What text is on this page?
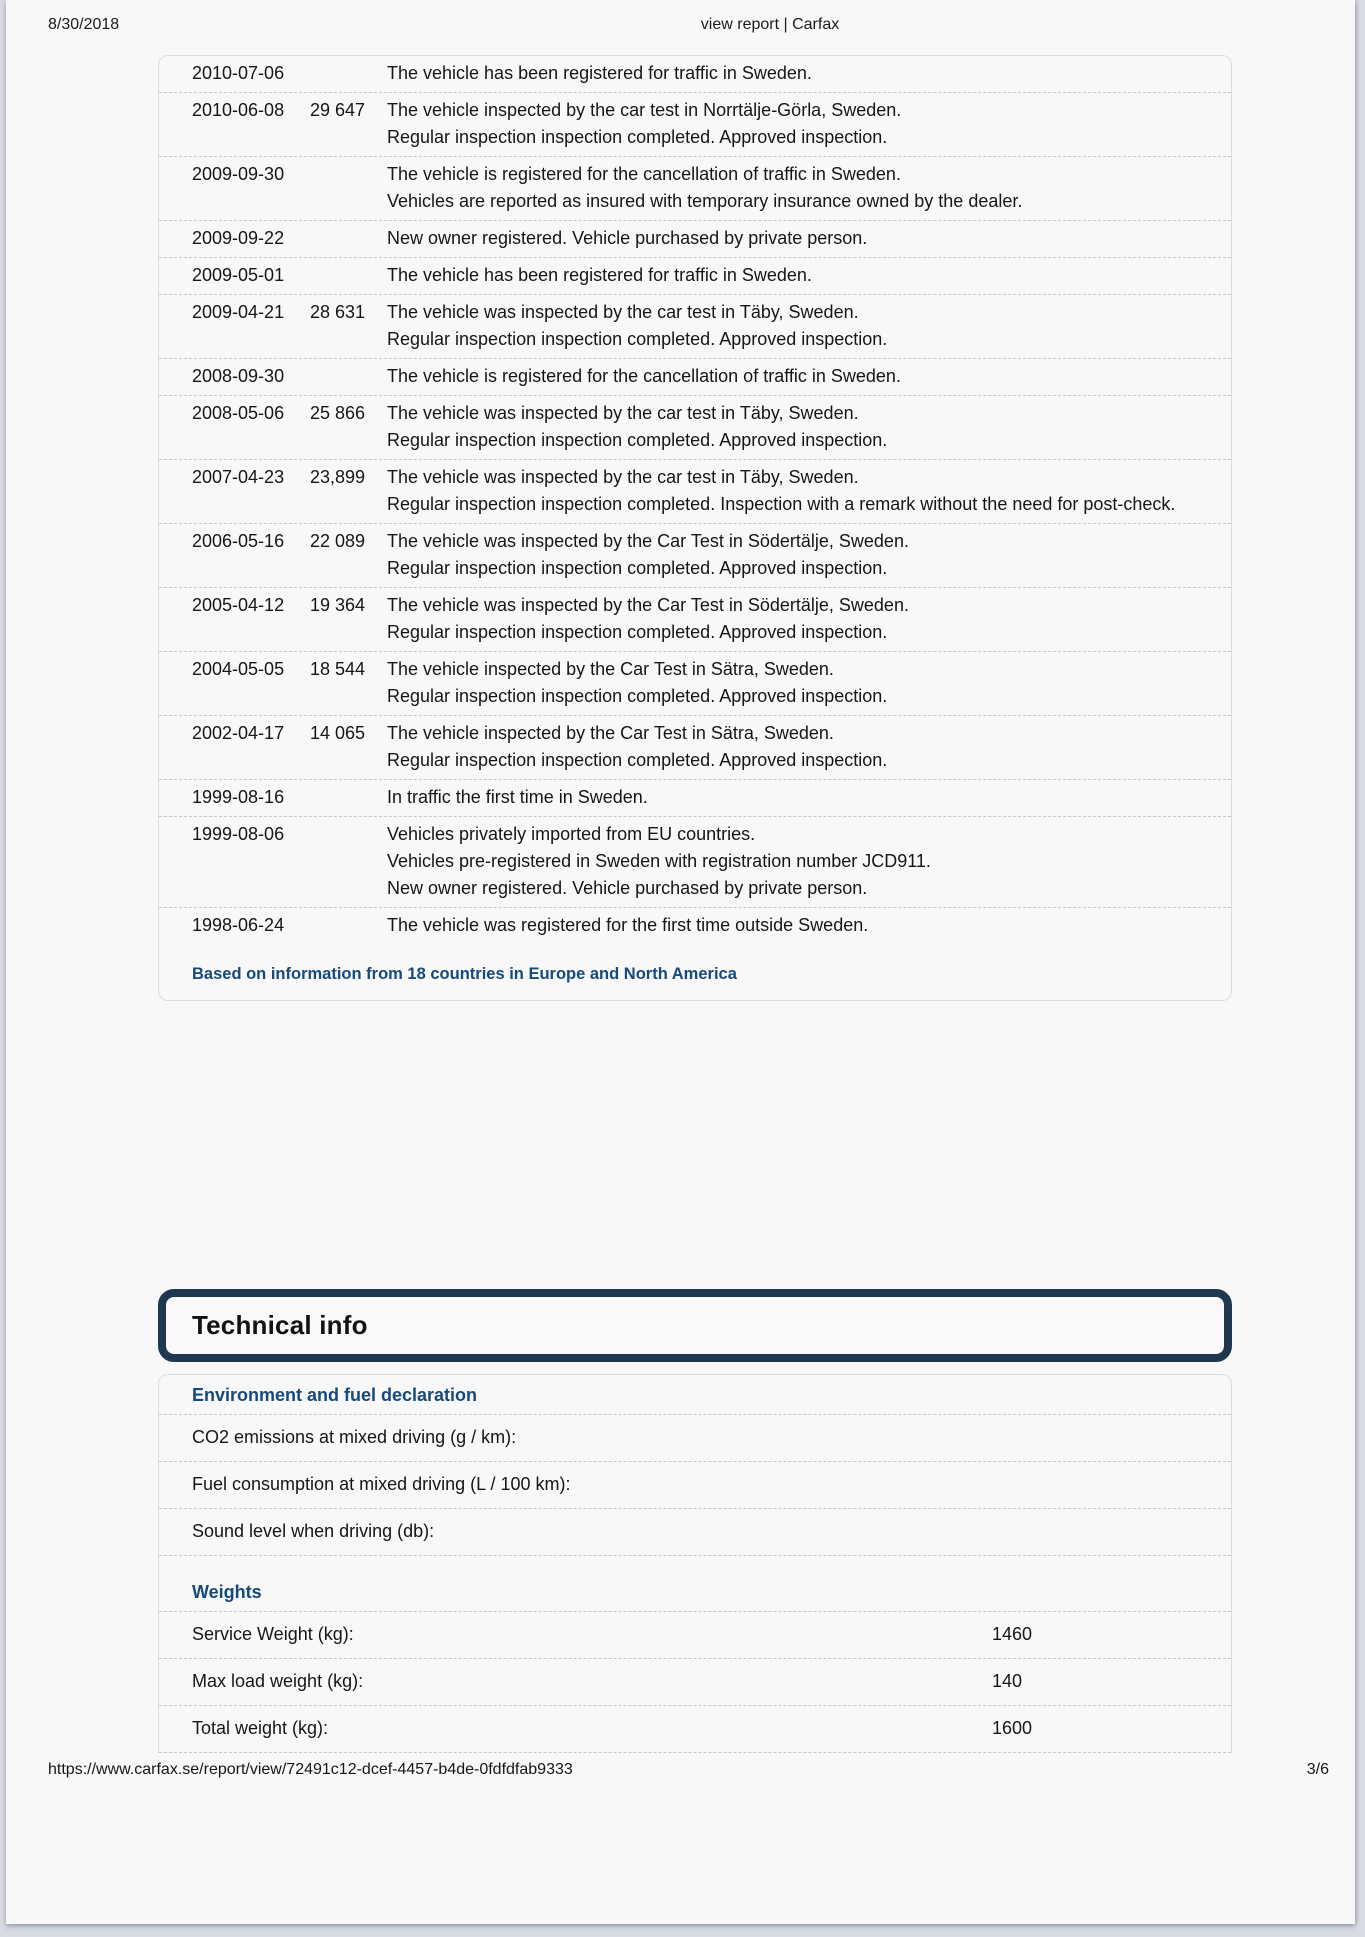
8/30/2018	view report | Carfax
2010-07-06	The vehicle has been registered for traffic in Sweden.
2010-06-08	29 647	The vehicle inspected by the car test in Norrtälje-Görla, Sweden.
Regular inspection inspection completed. Approved inspection.
2009-09-30	The vehicle is registered for the cancellation of traffic in Sweden.
Vehicles are reported as insured with temporary insurance owned by the dealer.
2009-09-22	New owner registered. Vehicle purchased by private person.
2009-05-01	The vehicle has been registered for traffic in Sweden.
2009-04-21	28 631	The vehicle was inspected by the car test in Täby, Sweden.
Regular inspection inspection completed. Approved inspection.
2008-09-30	The vehicle is registered for the cancellation of traffic in Sweden.
2008-05-06	25 866	The vehicle was inspected by the car test in Täby, Sweden.
Regular inspection inspection completed. Approved inspection.
2007-04-23	23,899	The vehicle was inspected by the car test in Täby, Sweden.
Regular inspection inspection completed. Inspection with a remark without the need for post-check.
2006-05-16	22 089	The vehicle was inspected by the Car Test in Södertälje, Sweden.
Regular inspection inspection completed. Approved inspection.
2005-04-12	19 364	The vehicle was inspected by the Car Test in Södertälje, Sweden.
Regular inspection inspection completed. Approved inspection.
2004-05-05	18 544	The vehicle inspected by the Car Test in Sätra, Sweden.
Regular inspection inspection completed. Approved inspection.
2002-04-17	14 065	The vehicle inspected by the Car Test in Sätra, Sweden.
Regular inspection inspection completed. Approved inspection.
1999-08-16	In traffic the first time in Sweden.
1999-08-06	Vehicles privately imported from EU countries.
Vehicles pre-registered in Sweden with registration number JCD911.
New owner registered. Vehicle purchased by private person.
1998-06-24	The vehicle was registered for the first time outside Sweden.
Based on information from 18 countries in Europe and North America
Technical info
Environment and fuel declaration
CO2 emissions at mixed driving (g / km):
Fuel consumption at mixed driving (L / 100 km):
Sound level when driving (db):
Weights
Service Weight (kg):	1460
Max load weight (kg):	140
Total weight (kg):	1600
https://www.carfax.se/report/view/72491c12-dcef-4457-b4de-0fdfdfab9333	3/6
